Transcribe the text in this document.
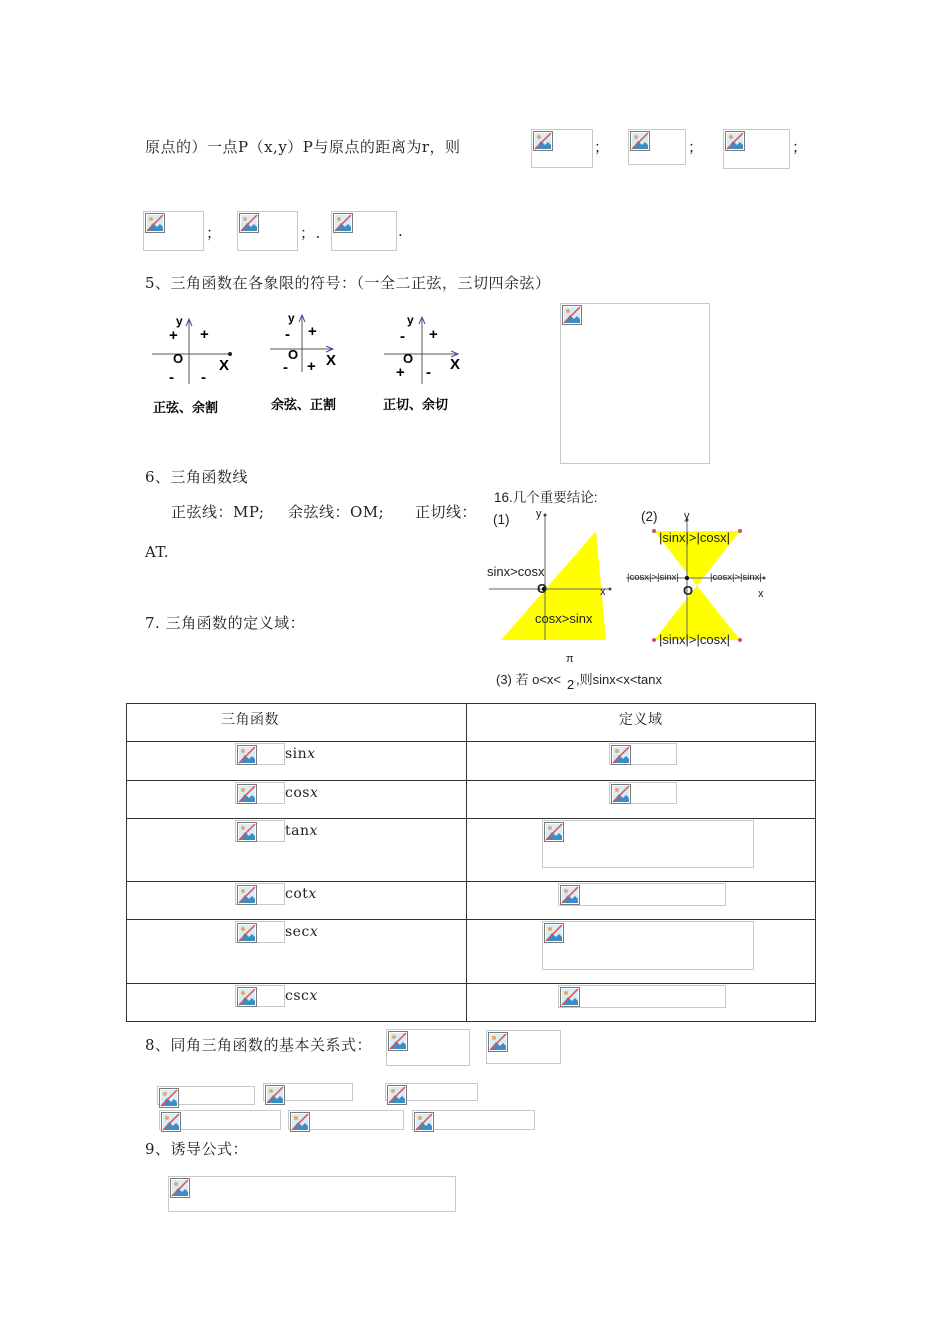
原点的）一点P（x,y）P与原点的距离为r，则	；	；	；
；	；.	.
5、三角函数在各象限的符号：（一全二正弦，三切四余弦）
y
+ +
O X
- -
正弦、余割
y
- +
O X
- +
余弦、正割
y
- +
O X
+ -
正切、余切
6、三角函数线
正弦线：MP; 余弦线：OM; 正切线：
AT.
16.几个重要结论:
(1)	(2)
y
sinx>cosx
O	x
cosx>sinx
y
|sinx|>|cosx|
|cosx|>|sinx|	|cosx|>|sinx|
O	x
|sinx|>|cosx|
π
(3) 若 o<x< 2 ,则sinx<x<tanx
7. 三角函数的定义域：
三角函数	定义域

sinx

cosx

tanx

cotx

secx

cscx

8、同角三角函数的基本关系式：
9、诱导公式：
